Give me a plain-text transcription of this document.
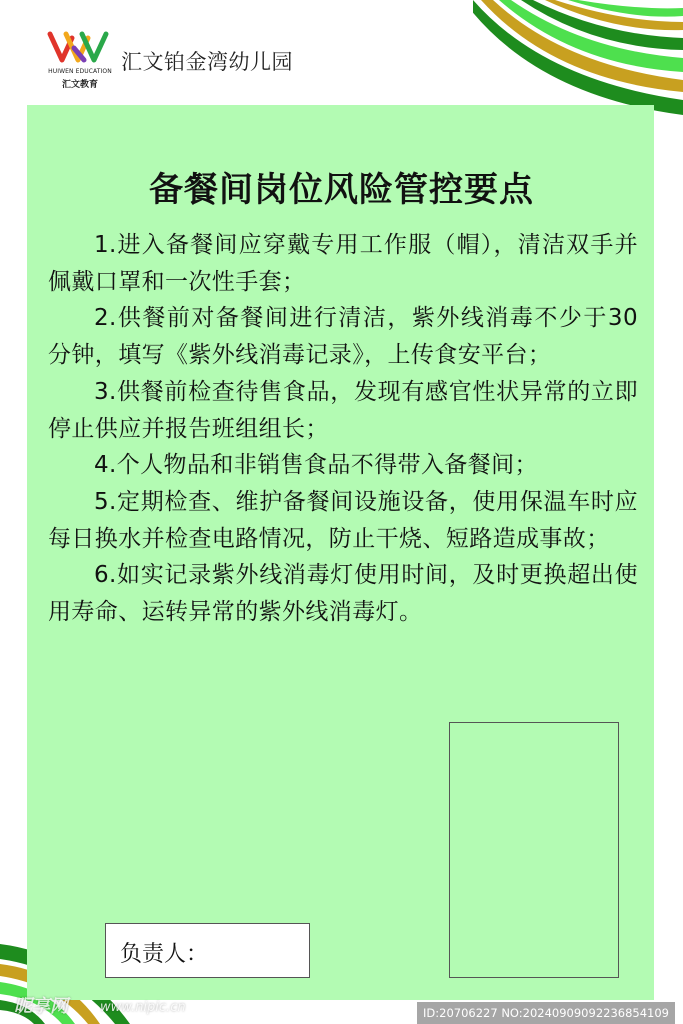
HUIWEN EDUCATION
汇文教育
汇文铂金湾幼儿园
备餐间岗位风险管控要点
1.进入备餐间应穿戴专用工作服（帽），清洁双手并佩戴口罩和一次性手套；
2.供餐前对备餐间进行清洁，紫外线消毒不少于30分钟，填写《紫外线消毒记录》，上传食安平台；
3.供餐前检查待售食品，发现有感官性状异常的立即停止供应并报告班组组长；
4.个人物品和非销售食品不得带入备餐间；
5.定期检查、维护备餐间设施设备，使用保温车时应每日换水并检查电路情况，防止干烧、短路造成事故；
6.如实记录紫外线消毒灯使用时间，及时更换超出使用寿命、运转异常的紫外线消毒灯。
负责人：
昵享网 www.nipic.cn	ID:20706227 NO:20240909092236854109
